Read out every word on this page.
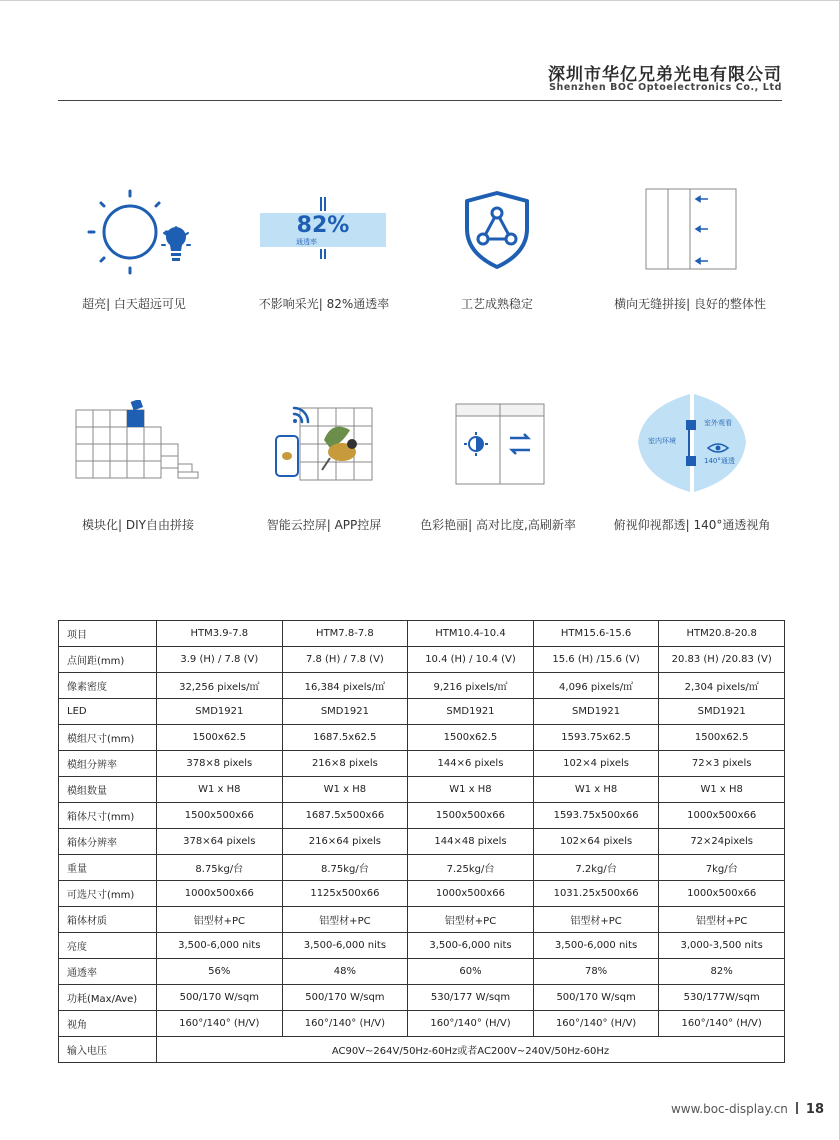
深圳市华亿兄弟光电有限公司
Shenzhen BOC Optoelectronics Co., Ltd
超亮| 白天超远可见
82%
通透率
不影响采光| 82%通透率	工艺成熟稳定	横向无缝拼接| 良好的整体性
模块化| DIY自由拼接	智能云控屏| APP控屏	色彩艳丽| 高对比度,高刷新率
室内环境
室外观看
140°通透
俯视仰视都透| 140°通透视角
项目	HTM3.9-7.8	HTM7.8-7.8	HTM10.4-10.4	HTM15.6-15.6	HTM20.8-20.8
点间距(mm)	3.9 (H) / 7.8 (V)	7.8 (H) / 7.8 (V)	10.4 (H) / 10.4 (V)	15.6 (H) /15.6 (V)	20.83 (H) /20.83 (V)
像素密度	32,256 pixels/㎡	16,384 pixels/㎡	9,216 pixels/㎡	4,096 pixels/㎡	2,304 pixels/㎡
LED	SMD1921	SMD1921	SMD1921	SMD1921	SMD1921
模组尺寸(mm)	1500x62.5	1687.5x62.5	1500x62.5	1593.75x62.5	1500x62.5
模组分辨率	378×8 pixels	216×8 pixels	144×6 pixels	102×4 pixels	72×3 pixels
模组数量	W1 x H8	W1 x H8	W1 x H8	W1 x H8	W1 x H8
箱体尺寸(mm)	1500x500x66	1687.5x500x66	1500x500x66	1593.75x500x66	1000x500x66
箱体分辨率	378×64 pixels	216×64 pixels	144×48 pixels	102×64 pixels	72×24pixels
重量	8.75kg/台	8.75kg/台	7.25kg/台	7.2kg/台	7kg/台
可选尺寸(mm)	1000x500x66	1125x500x66	1000x500x66	1031.25x500x66	1000x500x66
箱体材质	铝型材+PC	铝型材+PC	铝型材+PC	铝型材+PC	铝型材+PC
亮度	3,500-6,000 nits	3,500-6,000 nits	3,500-6,000 nits	3,500-6,000 nits	3,000-3,500 nits
通透率	56%	48%	60%	78%	82%
功耗(Max/Ave)	500/170 W/sqm	500/170 W/sqm	530/177 W/sqm	500/170 W/sqm	530/177W/sqm
视角	160°/140° (H/V)	160°/140° (H/V)	160°/140° (H/V)	160°/140° (H/V)	160°/140° (H/V)
输入电压	AC90V~264V/50Hz-60Hz或者AC200V~240V/50Hz-60Hz				
www.boc-display.cn 18
